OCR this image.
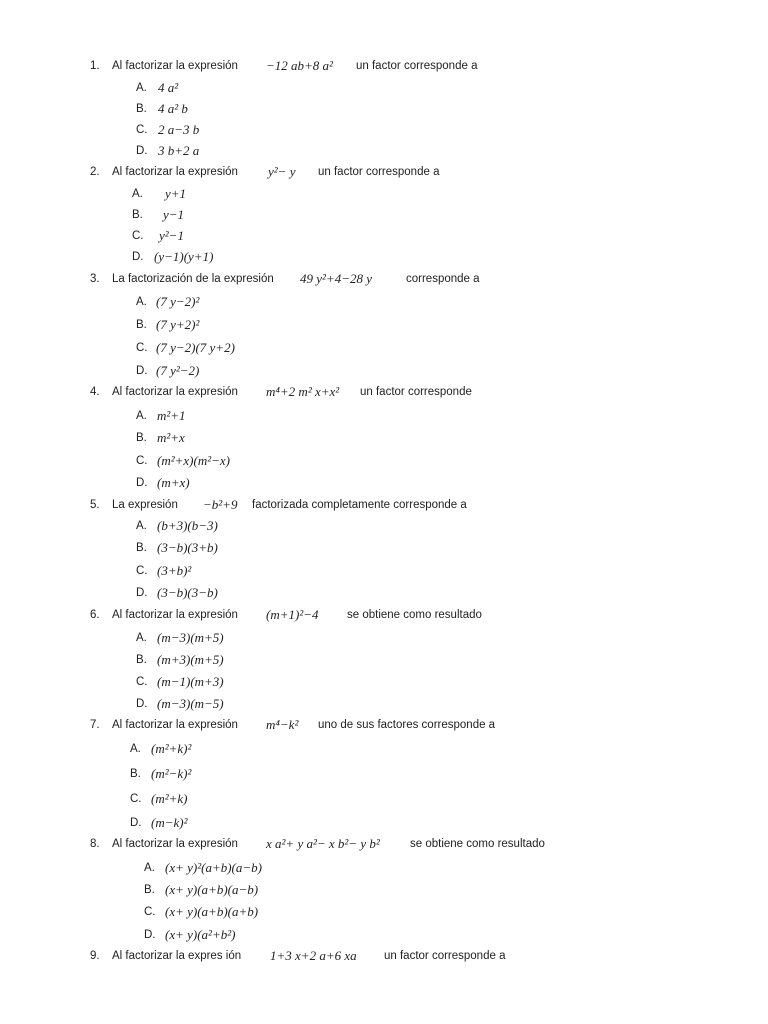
1. Al factorizar la expresión −12 ab+8 a² un factor corresponde a
A. 4 a²
B. 4 a² b
C. 2 a−3 b
D. 3 b+2 a
2. Al factorizar la expresión y²− y un factor corresponde a
A. y+1
B. y−1
C. y²−1
D. (y−1)(y+1)
3. La factorización de la expresión 49 y²+4−28 y	corresponde a
A. (7 y−2)²
B. (7 y+2)²
C. (7 y−2)(7 y+2)
D. (7 y²−2)
4. Al factorizar la expresión m⁴+2 m² x+x² un factor corresponde
A. m²+1
B. m²+x
C. (m²+x)(m²−x)
D. (m+x)
5. La expresión −b²+9 factorizada completamente corresponde a
A. (b+3)(b−3)
B. (3−b)(3+b)
C. (3+b)²
D. (3−b)(3−b)
6. Al factorizar la expresión (m+1)²−4 se obtiene como resultado
A. (m−3)(m+5)
B. (m+3)(m+5)
C. (m−1)(m+3)
D. (m−3)(m−5)
7. Al factorizar la expresión m⁴−k² uno de sus factores corresponde a
A. (m²+k)²
B. (m²−k)²
C. (m²+k)
D. (m−k)²
8. Al factorizar la expresión x a²+ y a²− x b²− y b²	se obtiene como resultado
A. (x+ y)²(a+b)(a−b)
B. (x+ y)(a+b)(a−b)
C. (x+ y)(a+b)(a+b)
D. (x+ y)(a²+b²)
9. Al factorizar la expres ión 1+3 x+2 a+6 xa un factor corresponde a
